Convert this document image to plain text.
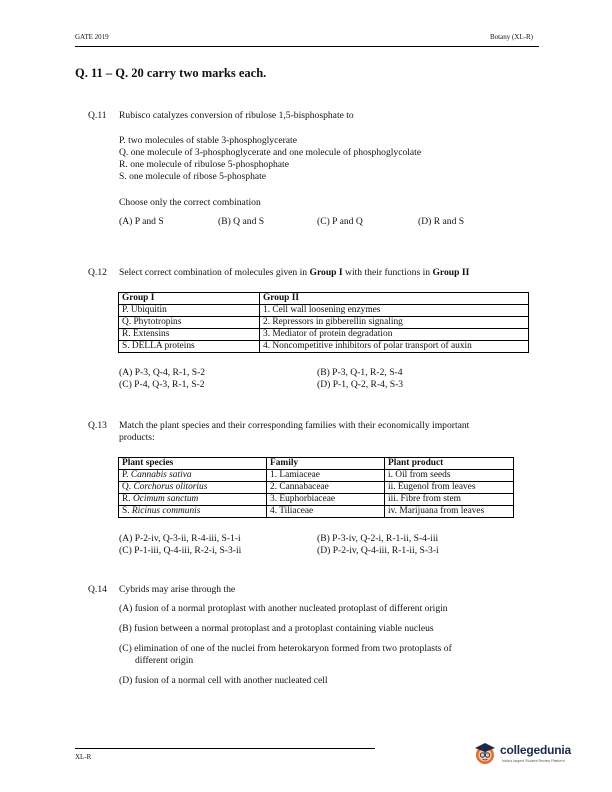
GATE 2019	Botany (XL-R)
Q. 11 – Q. 20 carry two marks each.
Q.11 Rubisco catalyzes conversion of ribulose 1,5-bisphosphate to
P. two molecules of stable 3-phosphoglycerate
Q. one molecule of 3-phosphoglycerate and one molecule of phosphoglycolate
R. one molecule of ribulose 5-phosphophate
S. one molecule of ribose 5-phosphate
Choose only the correct combination
(A) P and S	(B) Q and S	(C) P and Q	(D) R and S
Q.12 Select correct combination of molecules given in Group I with their functions in Group II
Group I	Group II
P. Ubiquitin	1. Cell wall loosening enzymes
Q. Phytotropins	2. Repressors in gibberellin signaling
R. Extensins	3. Mediator of protein degradation
S. DELLA proteins	4. Noncompetitive inhibitors of polar transport of auxin
(A) P-3, Q-4, R-1, S-2	(B) P-3, Q-1, R-2, S-4
(C) P-4, Q-3, R-1, S-2	(D) P-1, Q-2, R-4, S-3
Q.13 Match the plant species and their corresponding families with their economically important
products:
Plant species	Family	Plant product
P. Cannabis sativa	1. Lamiaceae	i. Oil from seeds
Q. Corchorus olitorius	2. Cannabaceae	ii. Eugenol from leaves
R. Ocimum sanctum	3. Euphorbiaceae	iii. Fibre from stem
S. Ricinus communis	4. Tiliaceae	iv. Marijuana from leaves
(A) P-2-iv, Q-3-ii, R-4-iii, S-1-i	(B) P-3-iv, Q-2-i, R-1-ii, S-4-iii
(C) P-1-iii, Q-4-iii, R-2-i, S-3-ii	(D) P-2-iv, Q-4-iii, R-1-ii, S-3-i
Q.14 Cybrids may arise through the
(A) fusion of a normal protoplast with another nucleated protoplast of different origin
(B) fusion between a normal protoplast and a protoplast containing viable nucleus
(C) elimination of one of the nuclei from heterokaryon formed from two protoplasts of
different origin
(D) fusion of a normal cell with another nucleated cell
XL-R	collegedunia
India's largest Student Review Platform
